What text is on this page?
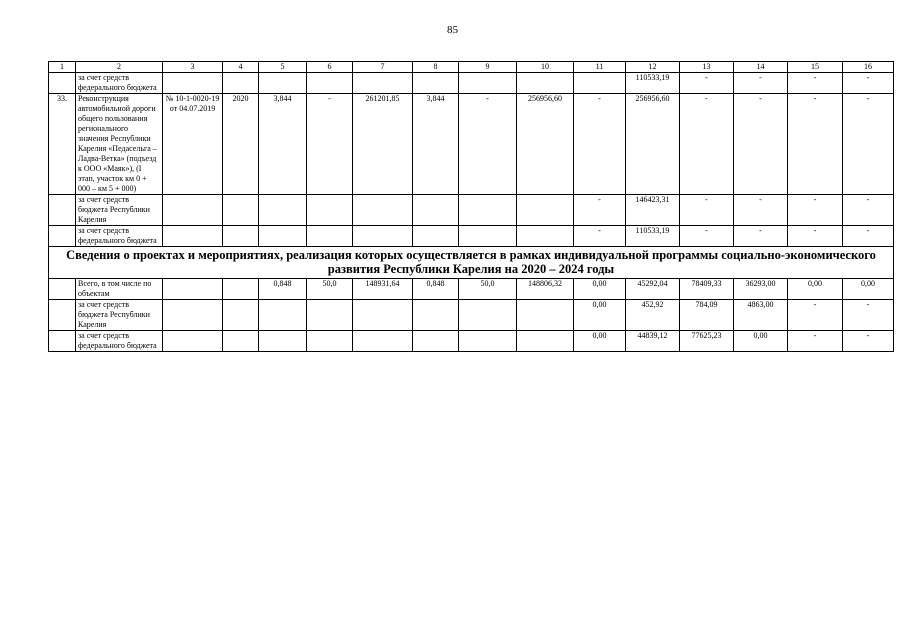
85
1	2	3	4	5	6	7	8	9	10	11	12	13	14	15	16
	за счет средств федерального бюджета										110533,19	-	-	-	-
33.	Реконструкция автомобильной дороги общего пользования регионального значения Республики Карелия «Педасельга – Ладва-Ветка» (подъезд к ООО «Маяк»), (I этап, участок км 0 + 000 – км 5 + 000)	№ 10-1-0020-19 от 04.07.2019	2020	3,844	-	261201,85	3,844	-	256956,60	-	256956,60	-	-	-	-
	за счет средств бюджета Республики Карелия									-	146423,31	-	-	-	-
	за счет средств федерального бюджета									-	110533,19	-	-	-	-
Сведения о проектах и мероприятиях, реализация которых осуществляется в рамках индивидуальной программы социально-экономического развития Республики Карелия на 2020 – 2024 годы															
	Всего, в том числе по объектам			0,848	50,0	148931,64	0,848	50,0	148806,32	0,00	45292,04	78409,33	36293,00	0,00	0,00
	за счет средств бюджета Республики Карелия									0,00	452,92	784,09	4863,00	-	-
	за счет средств федерального бюджета									0,00	44839,12	77625,23	0,00	-	-
